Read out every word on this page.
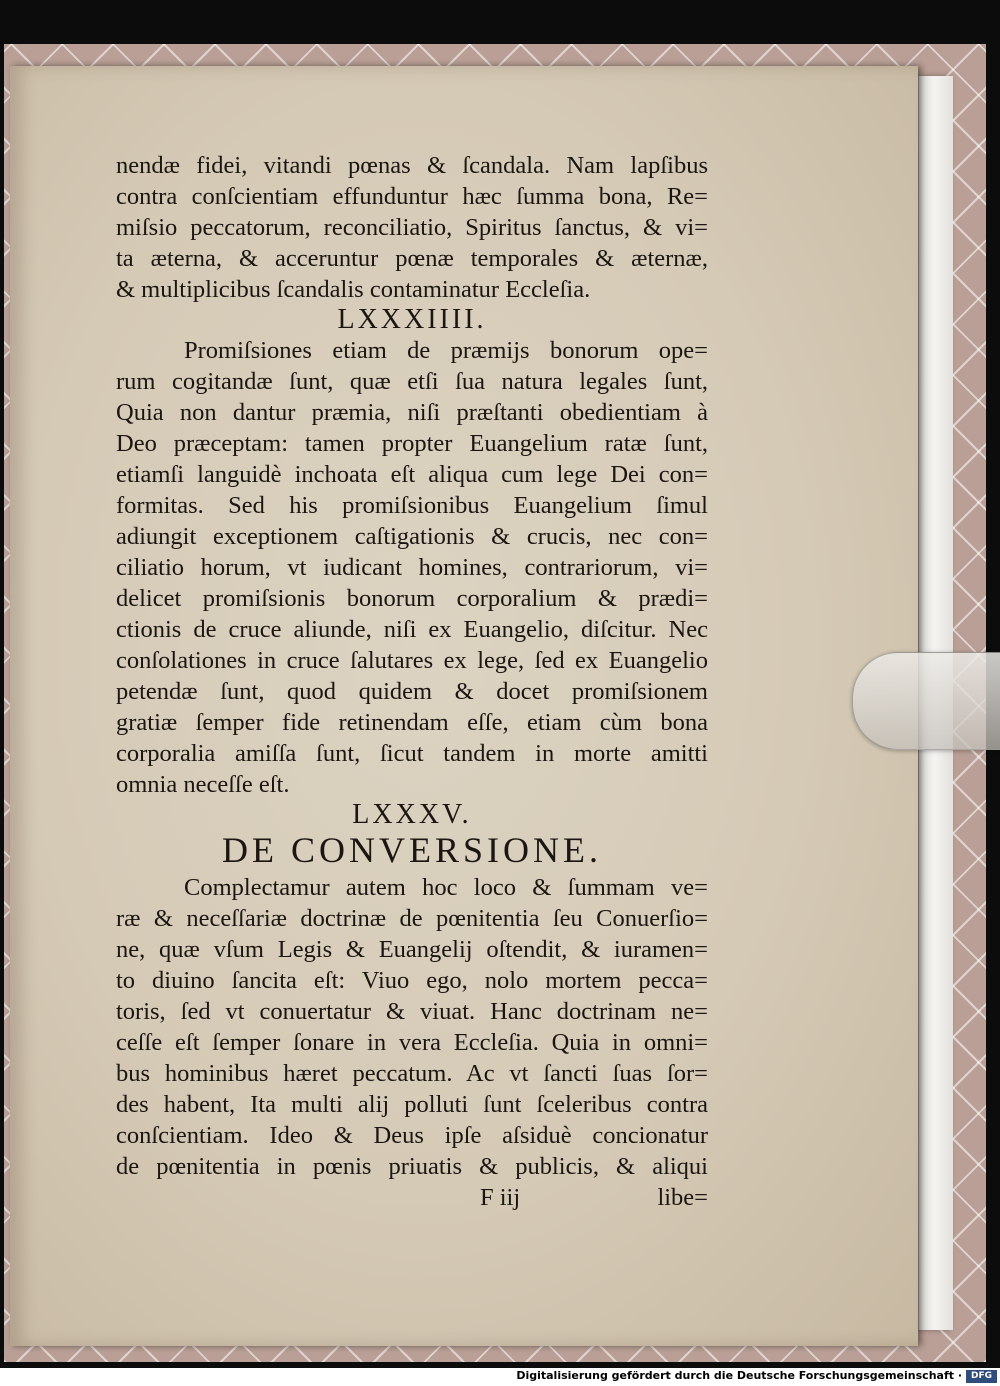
nendæ fidei, vitandi pœnas & ſcandala. Nam lapſibus
contra conſcientiam effunduntur hæc ſumma bona, Re=
miſsio peccatorum, reconciliatio, Spiritus ſanctus, & vi=
ta æterna, & acceruntur pœnæ temporales & æternæ,
& multiplicibus ſcandalis contaminatur Eccleſia.
LXXXIIII.
Promiſsiones etiam de præmijs bonorum ope=
rum cogitandæ ſunt, quæ etſi ſua natura legales ſunt,
Quia non dantur præmia, niſi præſtanti obedientiam à
Deo præceptam: tamen propter Euangelium ratæ ſunt,
etiamſi languidè inchoata eſt aliqua cum lege Dei con=
formitas. Sed his promiſsionibus Euangelium ſimul
adiungit exceptionem caſtigationis & crucis, nec con=
ciliatio horum, vt iudicant homines, contrariorum, vi=
delicet promiſsionis bonorum corporalium & prædi=
ctionis de cruce aliunde, niſi ex Euangelio, diſcitur. Nec
conſolationes in cruce ſalutares ex lege, ſed ex Euangelio
petendæ ſunt, quod quidem & docet promiſsionem
gratiæ ſemper fide retinendam eſſe, etiam cùm bona
corporalia amiſſa ſunt, ſicut tandem in morte amitti
omnia neceſſe eſt.
LXXXV.
DE CONVERSIONE.
Complectamur autem hoc loco & ſummam ve=
ræ & neceſſariæ doctrinæ de pœnitentia ſeu Conuerſio=
ne, quæ vſum Legis & Euangelij oſtendit, & iuramen=
to diuino ſancita eſt: Viuo ego, nolo mortem pecca=
toris, ſed vt conuertatur & viuat. Hanc doctrinam ne=
ceſſe eſt ſemper ſonare in vera Eccleſia. Quia in omni=
bus hominibus hæret peccatum. Ac vt ſancti ſuas ſor=
des habent, Ita multi alij polluti ſunt ſceleribus contra
conſcientiam. Ideo & Deus ipſe aſsiduè concionatur
de pœnitentia in pœnis priuatis & publicis, & aliqui
F iij	libe=
Digitalisierung gefördert durch die Deutsche Forschungsgemeinschaft · DFG
